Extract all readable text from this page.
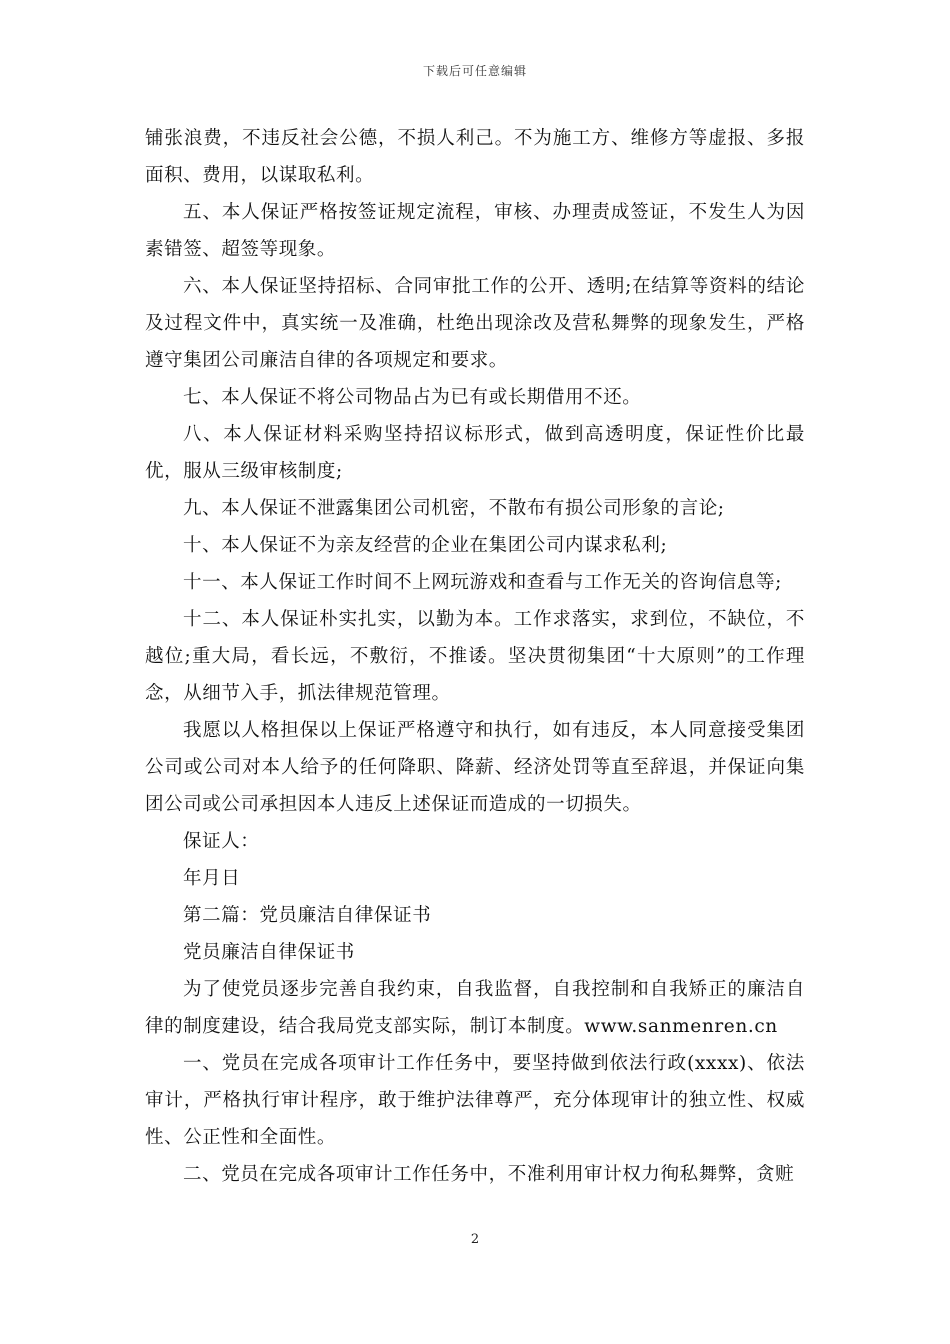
下载后可任意编辑

铺张浪费，不违反社会公德，不损人利己。不为施工方、维修方等虚报、多报面积、费用，以谋取私利。

五、本人保证严格按签证规定流程，审核、办理责成签证，不发生人为因素错签、超签等现象。

六、本人保证坚持招标、合同审批工作的公开、透明;在结算等资料的结论及过程文件中，真实统一及准确，杜绝出现涂改及营私舞弊的现象发生，严格遵守集团公司廉洁自律的各项规定和要求。

七、本人保证不将公司物品占为已有或长期借用不还。

八、本人保证材料采购坚持招议标形式，做到高透明度，保证性价比最优，服从三级审核制度;

九、本人保证不泄露集团公司机密，不散布有损公司形象的言论;

十、本人保证不为亲友经营的企业在集团公司内谋求私利;

十一、本人保证工作时间不上网玩游戏和查看与工作无关的咨询信息等;

十二、本人保证朴实扎实，以勤为本。工作求落实，求到位，不缺位，不越位;重大局，看长远，不敷衍，不推诿。坚决贯彻集团“十大原则”的工作理念，从细节入手，抓法律规范管理。

我愿以人格担保以上保证严格遵守和执行，如有违反，本人同意接受集团公司或公司对本人给予的任何降职、降薪、经济处罚等直至辞退，并保证向集团公司或公司承担因本人违反上述保证而造成的一切损失。

保证人：

年月日

第二篇：党员廉洁自律保证书

党员廉洁自律保证书

为了使党员逐步完善自我约束，自我监督，自我控制和自我矫正的廉洁自律的制度建设，结合我局党支部实际，制订本制度。www.sanmenren.cn

一、党员在完成各项审计工作任务中，要坚持做到依法行政(xxxx)、依法审计，严格执行审计程序，敢于维护法律尊严，充分体现审计的独立性、权威性、公正性和全面性。

二、党员在完成各项审计工作任务中，不准利用审计权力徇私舞弊，贪赃

2
